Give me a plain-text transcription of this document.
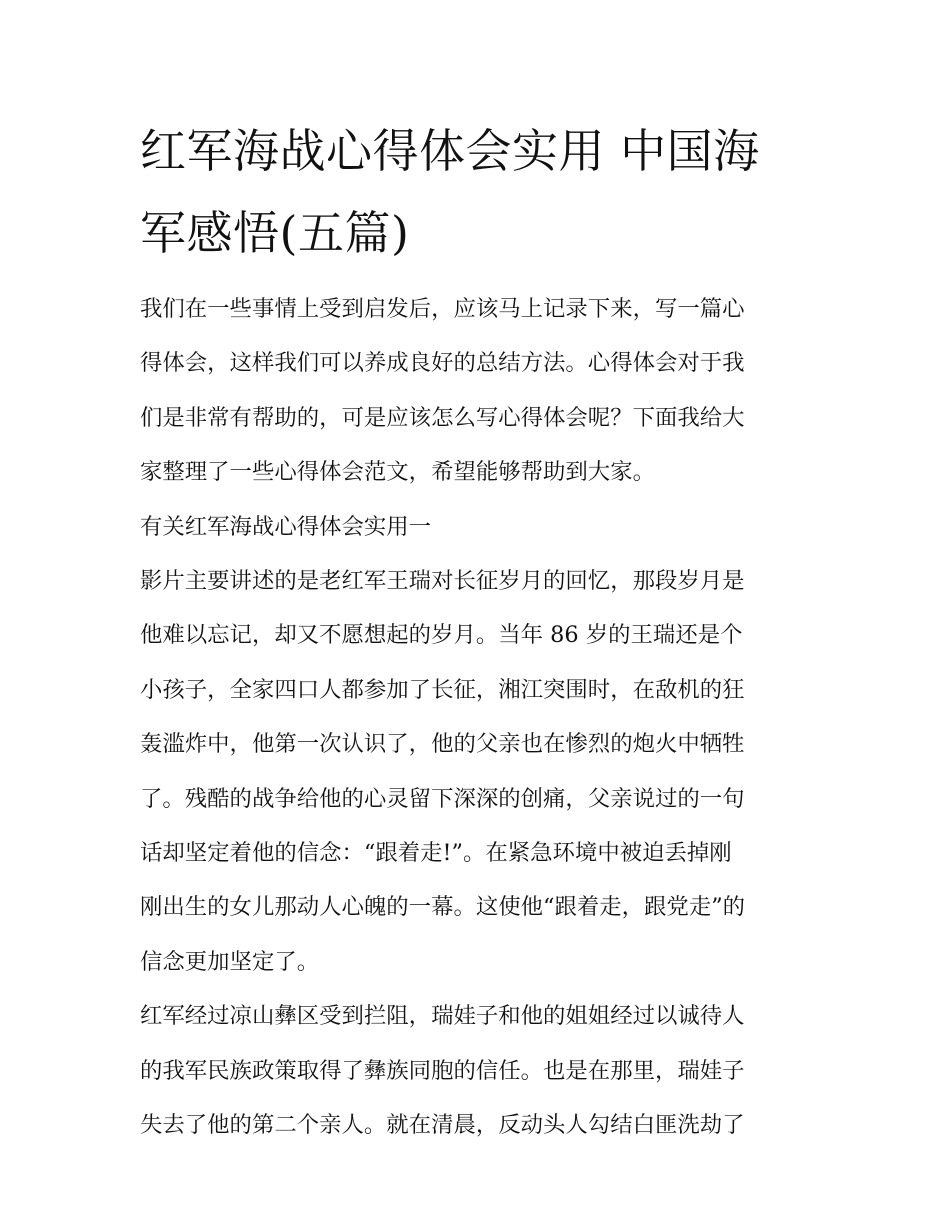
红军海战心得体会实用 中国海
军感悟(五篇)

我们在一些事情上受到启发后，应该马上记录下来，写一篇心
得体会，这样我们可以养成良好的总结方法。心得体会对于我
们是非常有帮助的，可是应该怎么写心得体会呢？下面我给大
家整理了一些心得体会范文，希望能够帮助到大家。

有关红军海战心得体会实用一

影片主要讲述的是老红军王瑞对长征岁月的回忆，那段岁月是
他难以忘记，却又不愿想起的岁月。当年 86 岁的王瑞还是个
小孩子，全家四口人都参加了长征，湘江突围时，在敌机的狂
轰滥炸中，他第一次认识了，他的父亲也在惨烈的炮火中牺牲
了。残酷的战争给他的心灵留下深深的创痛，父亲说过的一句
话却坚定着他的信念：“跟着走!”。在紧急环境中被迫丢掉刚
刚出生的女儿那动人心魄的一幕。这使他“跟着走，跟党走”的
信念更加坚定了。

红军经过凉山彝区受到拦阻，瑞娃子和他的姐姐经过以诚待人
的我军民族政策取得了彝族同胞的信任。也是在那里，瑞娃子
失去了他的第二个亲人。就在清晨，反动头人勾结白匪洗劫了
